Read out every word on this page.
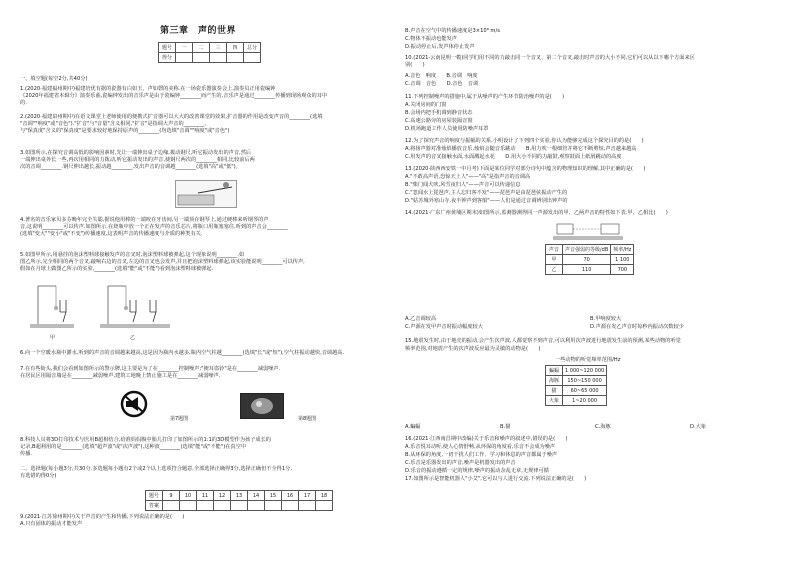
第三章　声的世界
题号	一	二	三	四	总分
得分					
一、填空题(每空2分,共40分)
1.(2020·福建福州期中)福建培优有据的瓷器有白如玉，声如磬的美称.在一场瓷乐器演奏会上,演奏员正用瓷编钟
《2020年福建省本辑分》演奏乐曲,瓷编钟发出的音乐声是由于瓷编钟________而产生的,音乐声是通过________传播到现场观众的耳中
的.
2.(2020·福建泉州期中)在语文课堂上老师使用的便携式扩音器可以大大的改善课堂的效果,扩音器的作用是改变声音的________(选填
"音调""响度"或"音色")."扩音"与"音量"含义相同,"扩音"是指调大声音的________,
与"保真度"含义的"保真度"是要求较好地保持原声的________(均选填"音调""响度"或"音色")
3.如图所示,在探究音调高低的影响因素时,先让一端伸出桌子边缘,拨动钢尺,听它振动发出的声音,然后
一端伸出桌外长一些,再次用相同的力拨动,听它振动发出的声音,使钢尺两次的________相同,比较前后两
次的音调________.钢尺伸出越长,振动越________,发出声音的音调越________(选填"高"或"低")。
4.著名的音乐家贝多芬晚年完全失聪,据说他用棒的一端咬在牙齿间,另一端顶在钢琴上,通过硬棒来听钢琴的声
音,这说明________可以传声.如图所示,在烧瓶中放一个正在发声的音乐芯片,将瓶口用瓶塞塞住,听到的声音会________
(选填"变大""变小"或"不变")传播速度,这表明声音的传播速度与介质的种类有关.
5.如图甲所示,用悬挂的泡沫塑料球接触发声的音叉时,泡沫塑料球被弹起,这个现象说明________.如
图乙所示,完全相同的两个音叉,敲响右边的音叉,左边的音叉也会发声,并且把泡沫塑料球弹起,该实验能说明________可以传声,
假如在月球上做图乙所示的实验,________(选填"能"或"不能")看到泡沫塑料球被弹起.
甲	乙
6.向一个空暖水瓶中灌水,听到的声音的音调越来越高,这是因为瓶内水越多,瓶内空气柱越________(选填"长"或"短"),空气柱振动越快,音调越高.
7.在有些街头,我们会看到如图所示的警示牌,这主要是为了在________控制噪声;"掩耳盗铃"是在________减弱噪声.
在居民区用隔音墙是在________减弱噪声,建筑工地晚上禁止施工是在________减弱噪声.
第7题图	第8题图
8.科技人员将3D打印技术与医用B超相结合,给准妈妈腹中胎儿打印了如图所示的1:1的3D模型作为孩子成长的
记录,B超利用的是________(选填"超声波"或"次声波"),这种波________(选填"能"或"不能")在真空中
传播.
二、选择题(每小题3分,共30分.多选题每小题有2个或2个以上选项符合题意,全部选择正确得3分,选择正确但不全得1分,
有选错的得0分)
题号	9	10	11	12	13	14	15	16	17	18
答案										
9.(2021·江苏徐州期中)关于声音的产生和传播,下列说法正确的是(　　)
A.只有固体的振动才能发声
B.声音在空气中的传播速度是3×10⁸ m/s
C.物体不振动也能发声
D.振动停止后,发声体停止发声
10.(2021·云南昆明一模)同学们用不同的力敲击同一个音叉、第二个音叉,敲击时声音的大小不同,它们可以从以下哪个方面来区
别(　　)
A.音色　响度　　B.音调　响度
C.音调　音色　　D.音色　音调
11.下列控制噪声的措施中,属于从噪声的产生环节防治噪声的是(　　)
A.关闭房间的门窗
B.会场内把手机调到静音状态
C.高速公路旁的房屋装隔音窗
D.机场跑道工作人员使用防噪声耳罩
12.为了探究声音的响度与振幅的关系,小明设计了下列四个实验,你认为能够完成这个探究目的的是(　　)
A.将扬声器对准烛焰播放音乐,烛焰会随音乐跳动　　B.用力吹一根细管并将它不断剪短,声音越来越高
C.用发声的音叉接触水面,水面溅起水花　　D.用大小不同的力敲鼓,观察鼓面上纸屑跳动的高度
13.(2020·陕西西安铁一中月考)下面是某位同学对部分诗句中蕴含的物理知识的理解,其中正确的是(　　)
A."不敢高声语,恐惊天上人"——"高"是指声音的音调高
B."柴门闻犬吠,风雪夜归人"——声音可以传递信息
C."忽闻水上琵琶声,主人忘归客不发"——琵琶声是由琵琶弦振动产生的
D."姑苏城外寒山寺,夜半钟声到客船"——人们是通过音调辨别出钟声的
14.(2021·广东广州黄埔区期末)如图所示,监测器测得同一声源发出的甲、乙两声音的特性如下表.甲、乙相比(　　)
声音	声音强弱的等级/dB	频率/Hz
甲	70	1 100
乙	110	700
A.乙音调较高	B.甲响度较大
C.声源在发甲声音时振动幅度较大	D.声源在发乙声音时每秒内振动次数较少
15.地震发生时,由于地壳的振动,会产生次声波,人都觉察不到声音,可以利用次声波进行地震发生前的预测,某些动物的听觉
频率范围,对地震产生的次声波反应最为灵敏的动物是(　　)
一些动物的听觉频率范围/Hz
蝙蝠	1 000~120 000
海豚	150~150 000
猫	60~65 000
大象	1~20 000
A.蝙蝠	B.猫	C.海豚	D.大象
16.(2021·江西南昌期中改编)关于乐音和噪声的叙述中,错误的是(　　)
A.乐音悦耳动听,使人心情舒畅,从环保的角度看,乐音不会成为噪声
B.从环保的角度,一切干扰人们工作、学习和休息的声音都属于噪声
C.乐音是乐器发出的声音,噪声是机器发出的声音
D.乐音的振动遵循一定的规律,噪声的振动杂乱无章,无规律可循
17.如图所示是智能机器人"小艾",它可以与人进行交流.下列说法正确的是(　　)
